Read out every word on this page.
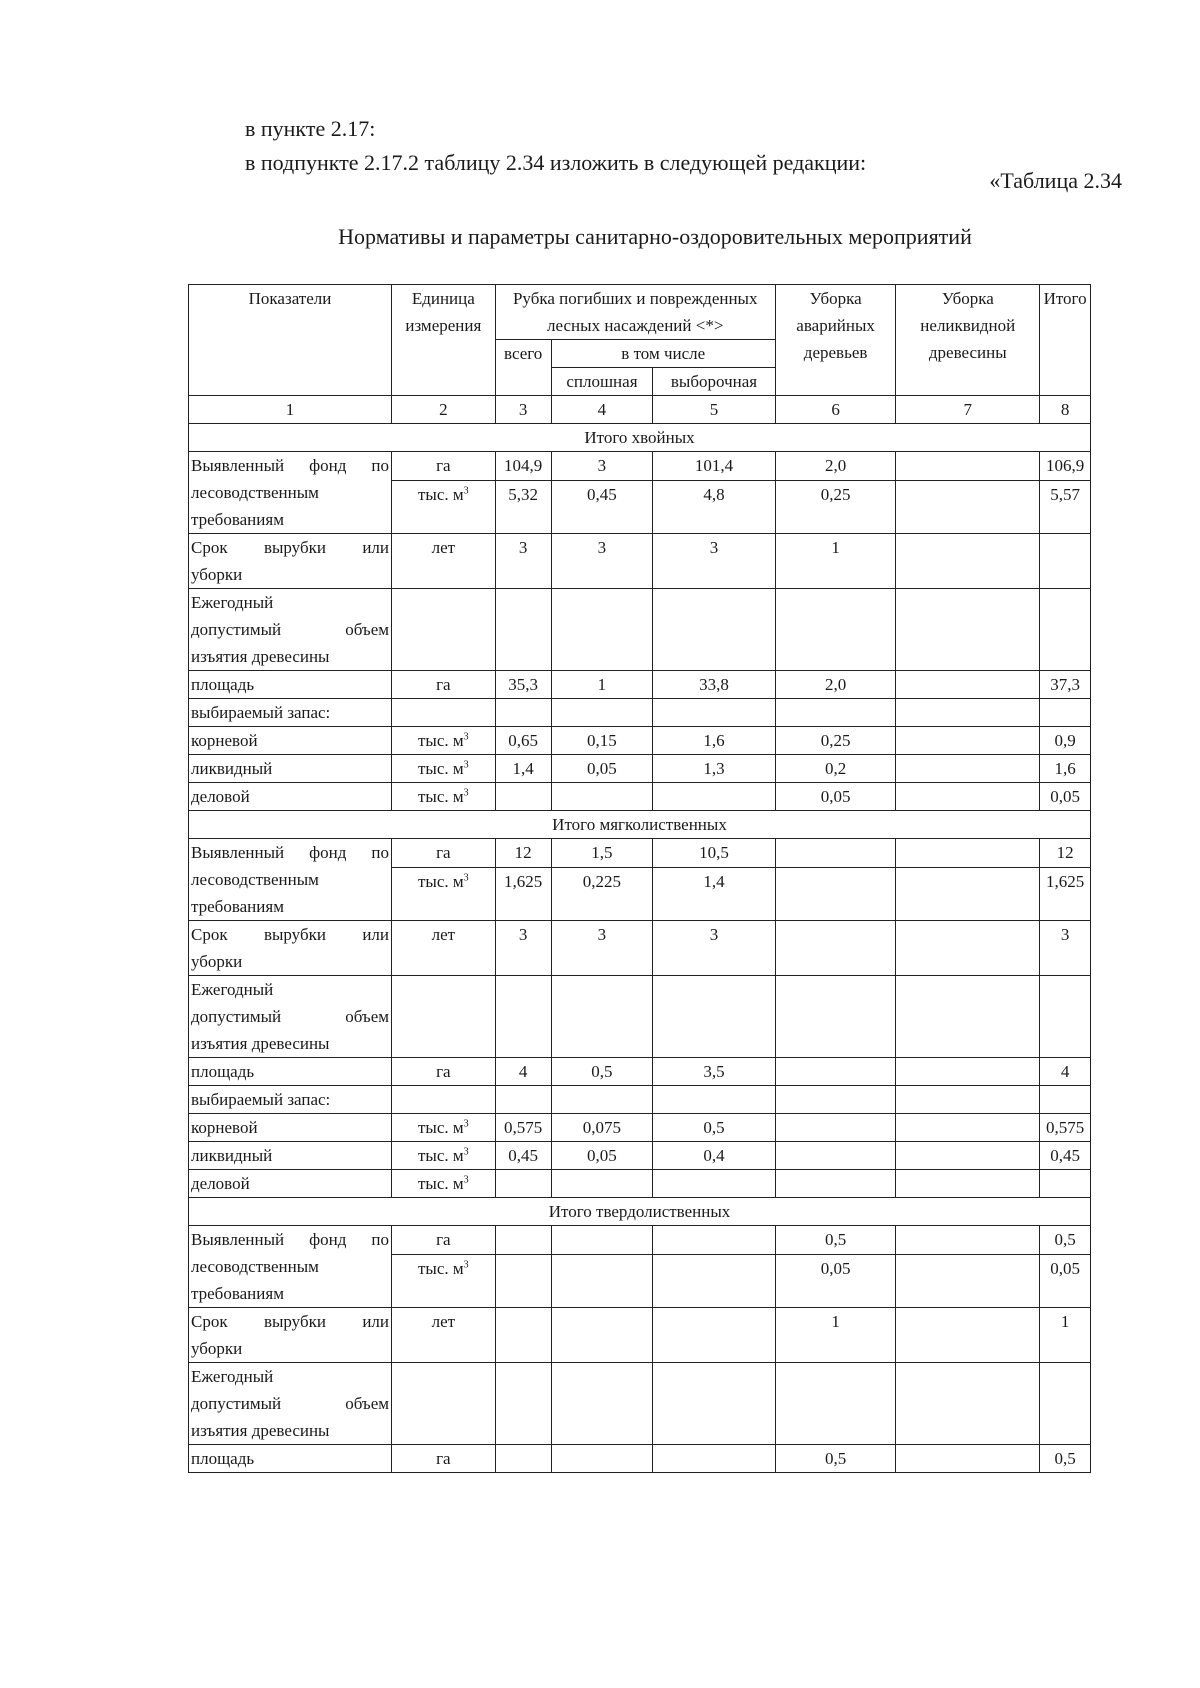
в пункте 2.17:
в подпункте 2.17.2 таблицу 2.34 изложить в следующей редакции:
«Таблица 2.34
Нормативы и параметры санитарно-оздоровительных мероприятий
Показатели	Единица измерения	Рубка погибших и поврежденных лесных насаждений <*>			Уборка аварийных деревьев	Уборка неликвидной древесины	Итого
		всего	в том числе				
			сплошная	выборочная			
1	2	3	4	5	6	7	8
Итого хвойных							

Выявленный фонд по
лесоводственным
требованиям	га	104,9	3	101,4	2,0		106,9
	тыс. $м^3$	5,32	0,45	4,8	0,25		5,57

Срок вырубки или
уборки	лет	3	3	3	1		

Ежегодный
допустимый объем
изъятия древесины							

площадь	га	35,3	1	33,8	2,0		37,3

выбираемый запас:							

корневой	тыс. $м^3$	0,65	0,15	1,6	0,25		0,9

ликвидный	тыс. $м^3$	1,4	0,05	1,3	0,2		1,6

деловой	тыс. $м^3$				0,05		0,05
Итого мягколиственных							

Выявленный фонд по
лесоводственным
требованиям	га	12	1,5	10,5			12
	тыс. $м^3$	1,625	0,225	1,4			1,625

Срок вырубки или
уборки	лет	3	3	3			3

Ежегодный
допустимый объем
изъятия древесины							

площадь	га	4	0,5	3,5			4

выбираемый запас:							

корневой	тыс. $м^3$	0,575	0,075	0,5			0,575

ликвидный	тыс. $м^3$	0,45	0,05	0,4			0,45

деловой	тыс. $м^3$						
Итого твердолиственных							

Выявленный фонд по
лесоводственным
требованиям	га				0,5		0,5
	тыс. $м^3$				0,05		0,05

Срок вырубки или
уборки	лет				1		1

Ежегодный
допустимый объем
изъятия древесины							

площадь	га				0,5		0,5
